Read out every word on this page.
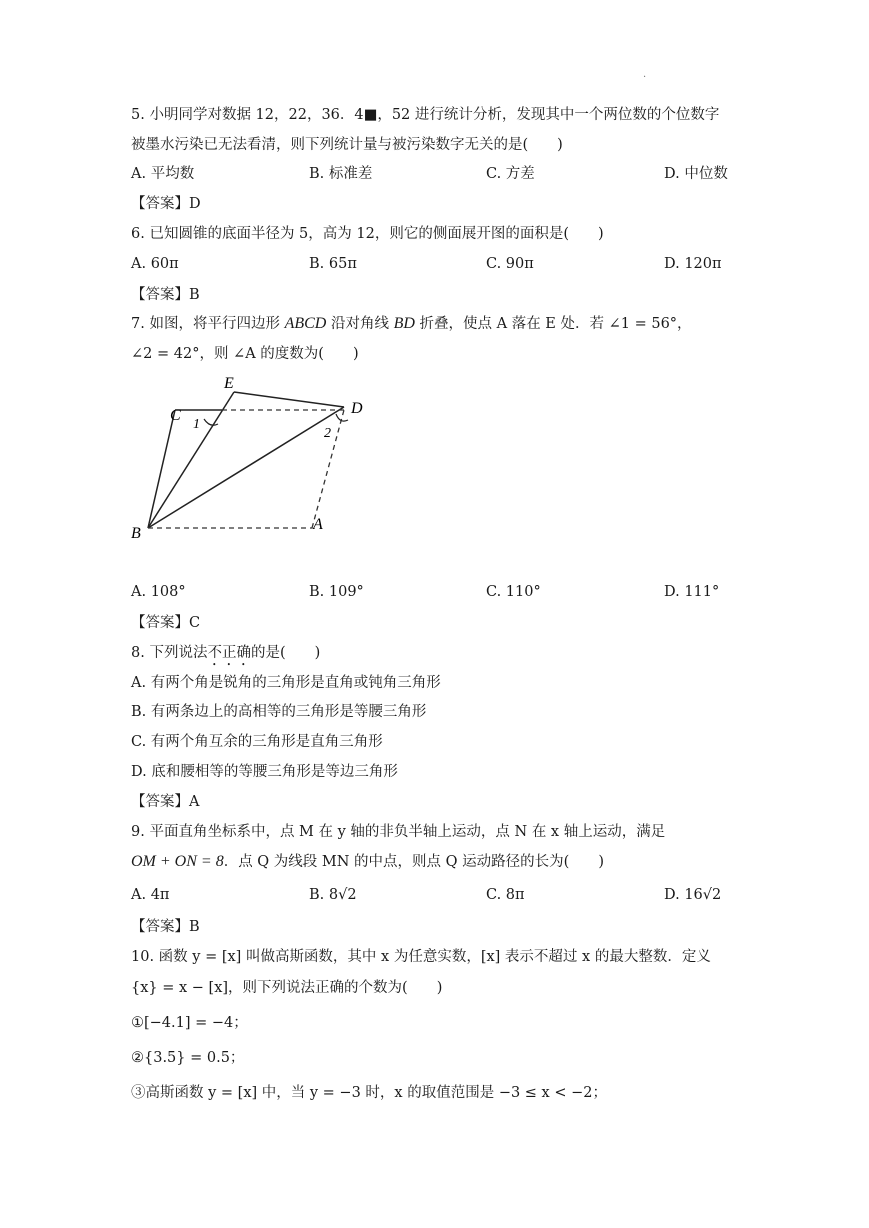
·
5. 小明同学对数据 12，22，36．4■，52 进行统计分析，发现其中一个两位数的个位数字
被墨水污染已无法看清，则下列统计量与被污染数字无关的是(　　)
A. 平均数	B. 标准差	C. 方差	D. 中位数
【答案】D
6. 已知圆锥的底面半径为 5，高为 12，则它的侧面展开图的面积是(　　)
A. 60π	B. 65π	C. 90π	D. 120π
【答案】B
7. 如图，将平行四边形 ABCD 沿对角线 BD 折叠，使点 A 落在 E 处．若 ∠1 = 56°，
∠2 = 42°，则 ∠A 的度数为(　　)
E
C	D
B
A
1
2
A. 108°	B. 109°	C. 110°	D. 111°
【答案】C
8. 下列说法不正确的是(　　)
A. 有两个角是锐角的三角形是直角或钝角三角形
B. 有两条边上的高相等的三角形是等腰三角形
C. 有两个角互余的三角形是直角三角形
D. 底和腰相等的等腰三角形是等边三角形
【答案】A
9. 平面直角坐标系中，点 M 在 y 轴的非负半轴上运动，点 N 在 x 轴上运动，满足
OM + ON = 8．点 Q 为线段 MN 的中点，则点 Q 运动路径的长为(　　)
A. 4π	B. 8√2	C. 8π	D. 16√2
【答案】B
10. 函数 y = [x] 叫做高斯函数，其中 x 为任意实数，[x] 表示不超过 x 的最大整数．定义
{x} = x − [x]，则下列说法正确的个数为(　　)
①[−4.1] = −4；
②{3.5} = 0.5；
③高斯函数 y = [x] 中，当 y = −3 时，x 的取值范围是 −3 ≤ x < −2；
